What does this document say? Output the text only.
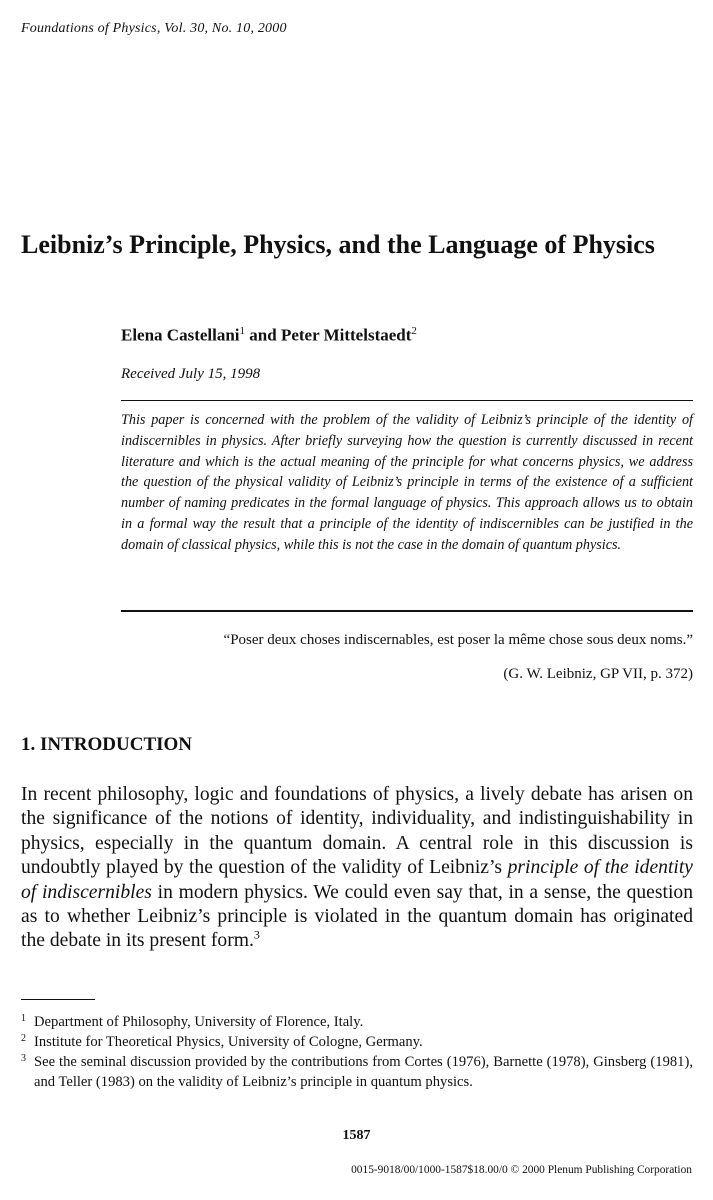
Foundations of Physics, Vol. 30, No. 10, 2000
Leibniz’s Principle, Physics, and the Language of Physics
Elena Castellani$^1$ and Peter Mittelstaedt$^2$
Received July 15, 1998
This paper is concerned with the problem of the validity of Leibniz’s principle of the identity of indiscernibles in physics. After briefly surveying how the question is currently discussed in recent literature and which is the actual meaning of the principle for what concerns physics, we address the question of the physical validity of Leibniz’s principle in terms of the existence of a sufficient number of naming predicates in the formal language of physics. This approach allows us to obtain in a formal way the result that a principle of the identity of indiscernibles can be justified in the domain of classical physics, while this is not the case in the domain of quantum physics.
“Poser deux choses indiscernables, est poser la même chose sous deux noms.”
(G. W. Leibniz, GP VII, p. 372)
1. INTRODUCTION
In recent philosophy, logic and foundations of physics, a lively debate has arisen on the significance of the notions of identity, individuality, and indistinguishability in physics, especially in the quantum domain. A central role in this discussion is undoubtly played by the question of the validity of Leibniz’s principle of the identity of indiscernibles in modern physics. We could even say that, in a sense, the question as to whether Leibniz’s principle is violated in the quantum domain has originated the debate in its present form.$^3$
1 Department of Philosophy, University of Florence, Italy.
2 Institute for Theoretical Physics, University of Cologne, Germany.
3 See the seminal discussion provided by the contributions from Cortes (1976), Barnette (1978), Ginsberg (1981), and Teller (1983) on the validity of Leibniz’s principle in quantum physics.
1587
0015-9018/00/1000-1587$18.00/0 © 2000 Plenum Publishing Corporation
